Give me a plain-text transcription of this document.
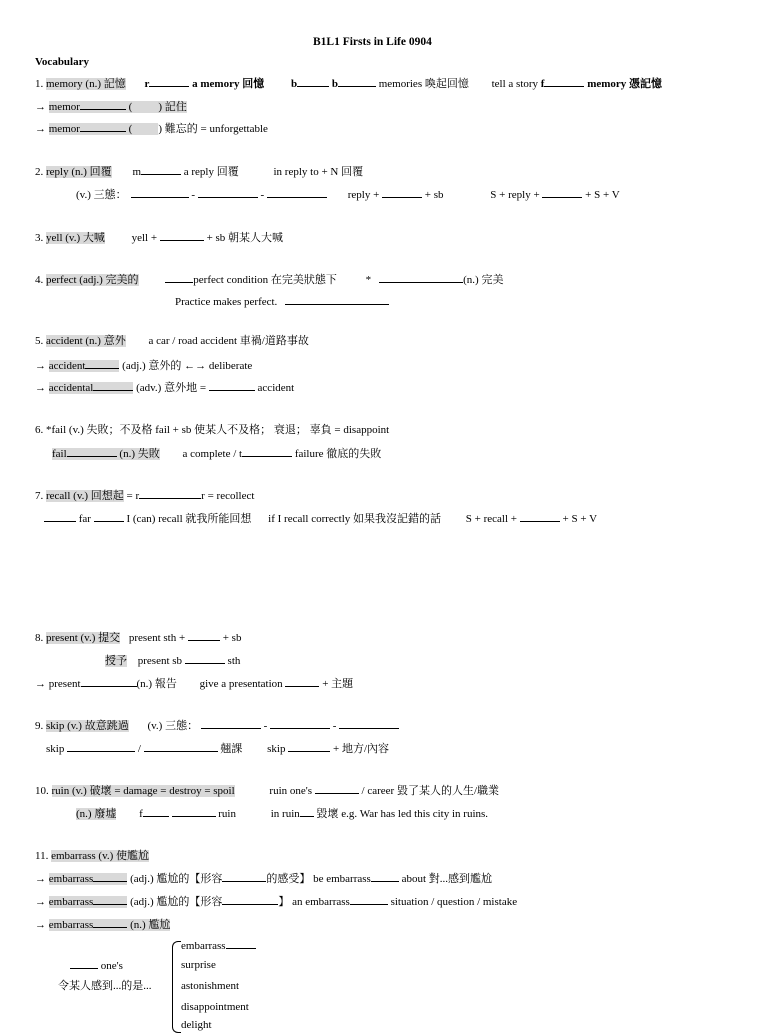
B1L1 Firsts in Life 0904
Vocabulary
1. memory (n.) 記憶 r	a memory 回憶 b	b	memories 喚起回憶 tell a story f	memory 憑記憶
→ memor	( ) 記住
→ memor	( ) 難忘的 = unforgettable
2. reply (n.) 回覆 m	a reply 回覆	in reply to + N 回覆
(v.) 三態：	-	-	reply +	+ sb	S + reply +	+ S + V
3. yell (v.) 大喊 yell +	+ sb 朝某人大喊
4. perfect (adj.) 完美的	perfect condition 在完美狀態下	*	(n.) 完美
Practice makes perfect.
5. accident (n.) 意外 a car / road accident 車禍/道路事故
→ accident	(adj.) 意外的 ←→ deliberate
→ accidental	(adv.) 意外地 =	accident
6. *fail (v.) 失敗；不及格 fail + sb 使某人不及格； 衰退； 辜負 = disappoint
fail	(n.) 失敗 a complete / t	failure 徹底的失敗
7. recall (v.) 回想起 = r	r = recollect
far	I (can) recall 就我所能回想 if I recall correctly 如果我沒記錯的話 S + recall +	+ S + V
8. present (v.) 提交 present sth +	+ sb
授予 present sb	sth
→ present	(n.) 報告 give a presentation	+ 主題
9. skip (v.) 故意跳過 (v.) 三態：	-	-
skip	/	翹課 skip	+ 地方/內容
10. ruin (v.) 破壞 = damage = destroy = spoil	ruin one's	/ career 毀了某人的人生/職業
(n.) 廢墟 f	ruin	in ruin 毀壞 e.g. War has led this city in ruins.
11. embarrass (v.) 使尷尬
→ embarrass	(adj.) 尷尬的【形容	的感受】 be embarrass	about 對...感到尷尬
→ embarrass	(adj.) 尷尬的【形容	】 an embarrass	situation / question / mistake
→ embarrass	(n.) 尷尬
one's
令某人感到...的是...
embarrass
surprise
astonishment
disappointment
delight
